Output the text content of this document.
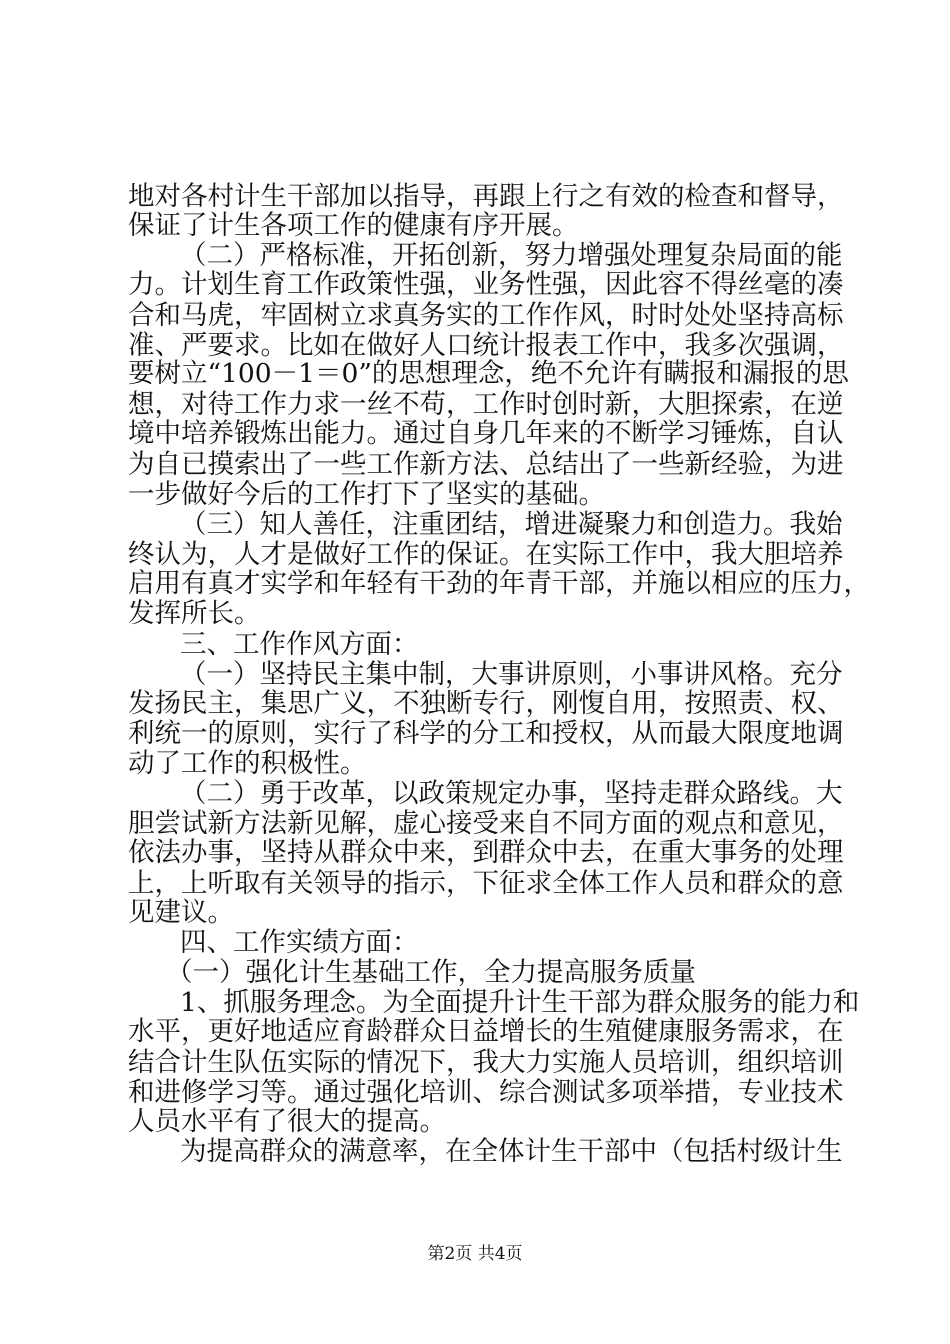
地对各村计生干部加以指导，再跟上行之有效的检查和督导，
保证了计生各项工作的健康有序开展。
（二）严格标准，开拓创新，努力增强处理复杂局面的能
力。计划生育工作政策性强，业务性强，因此容不得丝毫的凑
合和马虎，牢固树立求真务实的工作作风，时时处处坚持高标
准、严要求。比如在做好人口统计报表工作中，我多次强调，
要树立“100－1＝0”的思想理念，绝不允许有瞒报和漏报的思
想，对待工作力求一丝不苟，工作时创时新，大胆探索，在逆
境中培养锻炼出能力。通过自身几年来的不断学习锤炼，自认
为自已摸索出了一些工作新方法、总结出了一些新经验，为进
一步做好今后的工作打下了坚实的基础。
（三）知人善任，注重团结，增进凝聚力和创造力。我始
终认为，人才是做好工作的保证。在实际工作中，我大胆培养
启用有真才实学和年轻有干劲的年青干部，并施以相应的压力，
发挥所长。
三、工作作风方面：
（一）坚持民主集中制，大事讲原则，小事讲风格。充分
发扬民主，集思广义，不独断专行，刚愎自用，按照责、权、
利统一的原则，实行了科学的分工和授权，从而最大限度地调
动了工作的积极性。
（二）勇于改革，以政策规定办事，坚持走群众路线。大
胆尝试新方法新见解，虚心接受来自不同方面的观点和意见，
依法办事，坚持从群众中来，到群众中去，在重大事务的处理
上，上听取有关领导的指示，下征求全体工作人员和群众的意
见建议。
四、工作实绩方面：
（一）强化计生基础工作，全力提高服务质量
1、抓服务理念。为全面提升计生干部为群众服务的能力和
水平，更好地适应育龄群众日益增长的生殖健康服务需求，在
结合计生队伍实际的情况下，我大力实施人员培训，组织培训
和进修学习等。通过强化培训、综合测试多项举措，专业技术
人员水平有了很大的提高。
为提高群众的满意率，在全体计生干部中（包括村级计生
第2页 共4页
